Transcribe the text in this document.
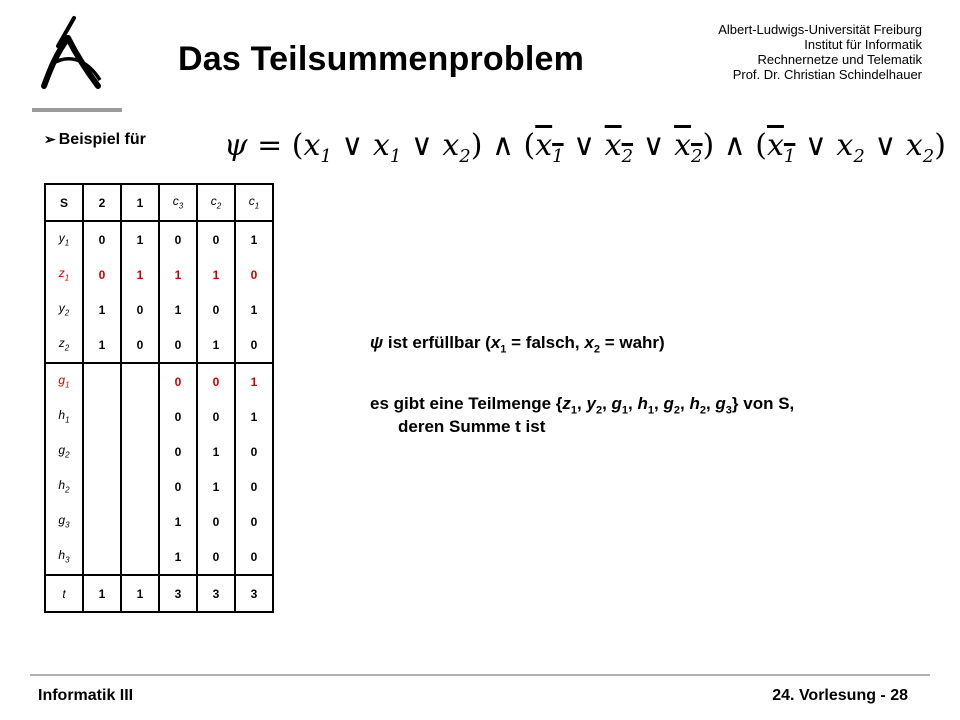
Das Teilsummenproblem
Albert-Ludwigs-Universität Freiburg
Institut für Informatik
Rechnernetze und Telematik
Prof. Dr. Christian Schindelhauer
➢ Beispiel für	$\psi = (x_1$ ∨ $x_1$ ∨ $x_2$) ∧ ($x_1$ ∨ $x_2$ ∨ $x_2$) ∧ ($x_1$ ∨ $x_2$ ∨ $x_2$)
S	2	1	$c_3$	$c_2$	$c_1$
$y_1$	0	1	0	0	1
$z_1$	0	1	1	1	0
$y_2$	1	0	1	0	1
$z_2$	1	0	0	1	0
$g_1$			0	0	1
$h_1$			0	0	1
$g_2$			0	1	0
$h_2$			0	1	0
$g_3$			1	0	0
$h_3$			1	0	0
t	1	1	3	3	3
ψ ist erfüllbar ($x_1$ = falsch, $x_2$ = wahr)
es gibt eine Teilmenge {$z_1$, $y_2$, $g_1$, $h_1$, $g_2$, $h_2$, $g_3$} von S,
deren Summe t ist
Informatik III	24. Vorlesung - 28
